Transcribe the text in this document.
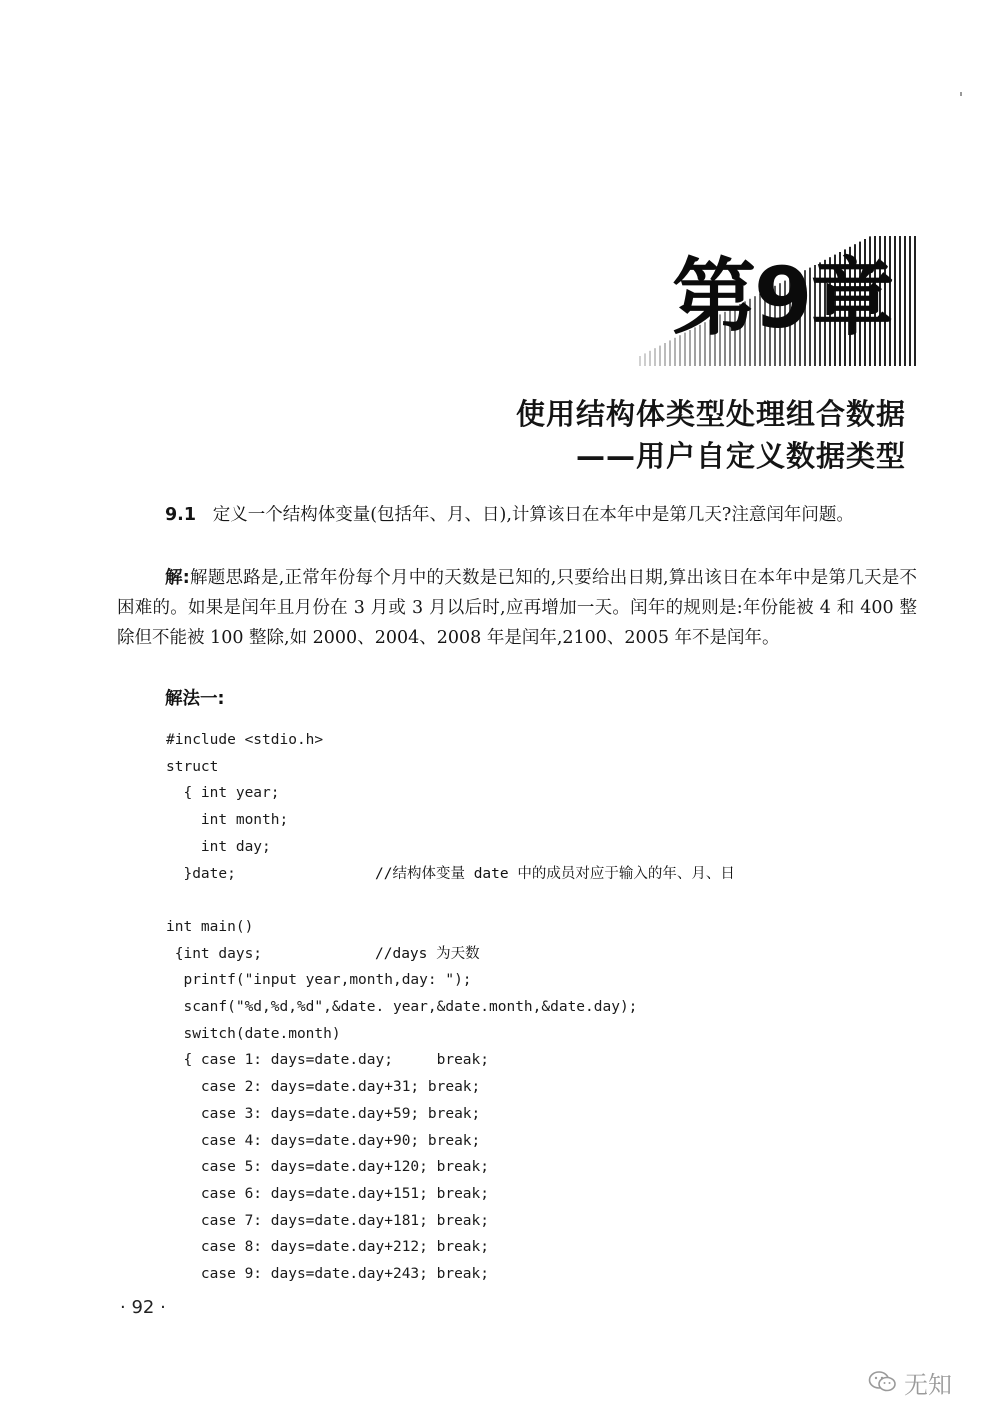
第9章
使用结构体类型处理组合数据
——用户自定义数据类型
9.1 定义一个结构体变量(包括年、月、日),计算该日在本年中是第几天?注意闰年问题。
解:解题思路是,正常年份每个月中的天数是已知的,只要给出日期,算出该日在本年中是第几天是不困难的。如果是闰年且月份在 3 月或 3 月以后时,应再增加一天。闰年的规则是:年份能被 4 和 400 整除但不能被 100 整除,如 2000、2004、2008 年是闰年,2100、2005 年不是闰年。
解法一:
#include <stdio.h>
struct
{ int year;
int month;
int day;
}date;
int main()
{int days;
printf("input year,month,day: ");
scanf("%d,%d,%d",&date. year,&date.month,&date.day);
switch(date.month)
{ case 1: days=date.day;     break;
case 2: days=date.day+31; break;
case 3: days=date.day+59; break;
case 4: days=date.day+90; break;
case 5: days=date.day+120; break;
case 6: days=date.day+151; break;
case 7: days=date.day+181; break;
case 8: days=date.day+212; break;
case 9: days=date.day+243; break;
//结构体变量 date 中的成员对应于输入的年、月、日
//days 为天数
· 92 ·
无知
